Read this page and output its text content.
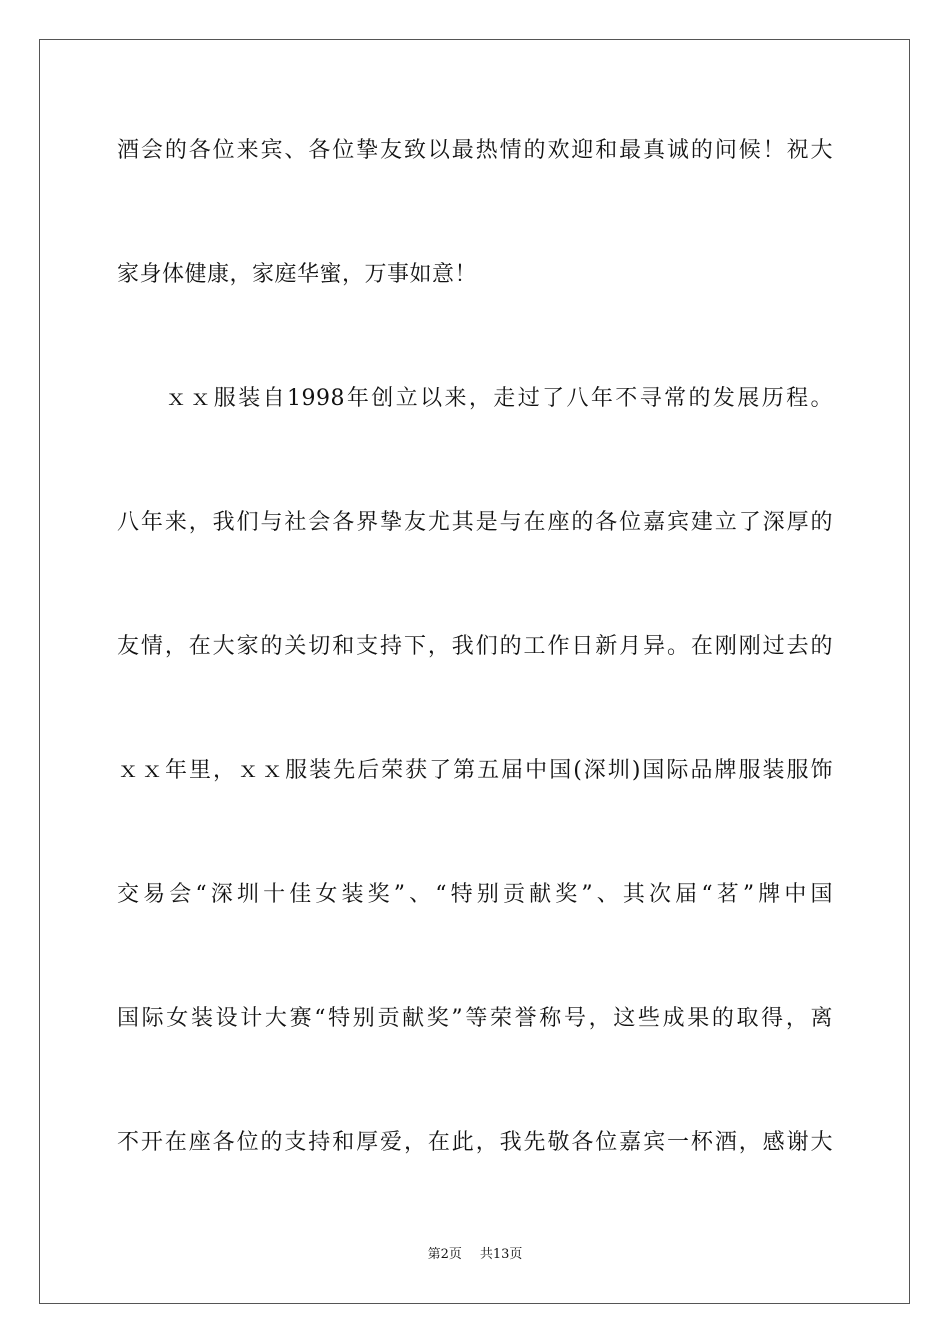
酒会的各位来宾、各位挚友致以最热情的欢迎和最真诚的问候！祝大
家身体健康，家庭华蜜，万事如意！
ｘｘ服装自1998年创立以来，走过了八年不寻常的发展历程。
八年来，我们与社会各界挚友尤其是与在座的各位嘉宾建立了深厚的
友情，在大家的关切和支持下，我们的工作日新月异。在刚刚过去的
ｘｘ年里，ｘｘ服装先后荣获了第五届中国(深圳)国际品牌服装服饰
交易会“深圳十佳女装奖”、“特别贡献奖”、其次届“茗”牌中国
国际女装设计大赛“特别贡献奖”等荣誉称号，这些成果的取得，离
不开在座各位的支持和厚爱，在此，我先敬各位嘉宾一杯酒，感谢大
第2页 共13页
